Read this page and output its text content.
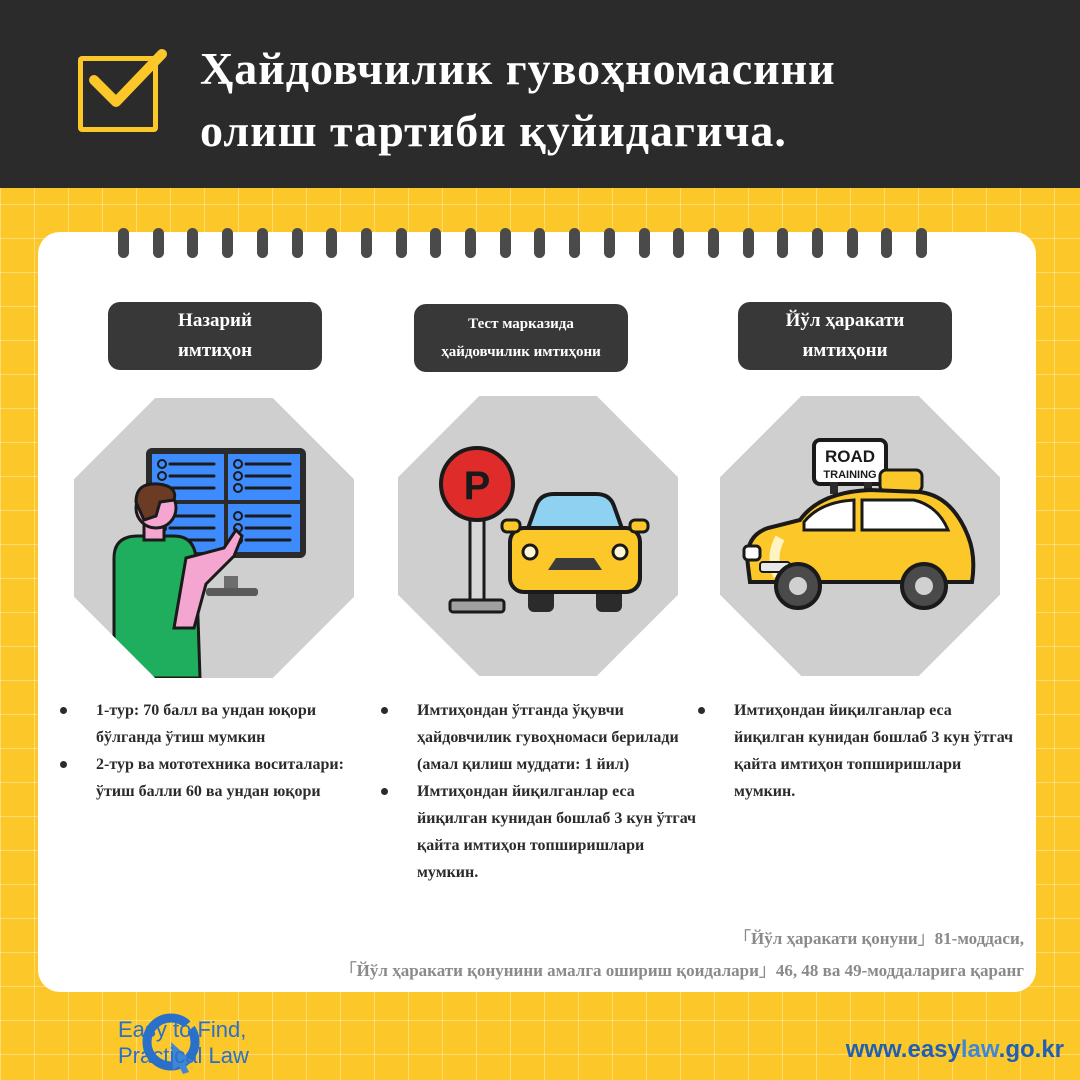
Ҳайдовчилик гувоҳномасини
олиш тартиби қуйидагича.
Назарий
имтиҳон
1-тур: 70 балл ва ундан юқори бўлганда ўтиш мумкин
2-тур ва мототехника воситалари: ўтиш балли 60 ва ундан юқори
Тест марказида
ҳайдовчилик имтиҳони
P
Имтиҳондан ўтганда ўқувчи ҳайдовчилик гувоҳномаси берилади (амал қилиш муддати: 1 йил)
Имтиҳондан йиқилганлар еса йиқилган кунидан бошлаб 3 кун ўтгач қайта имтиҳон топширишлари мумкин.
Йўл ҳаракати
имтиҳони
ROAD
TRAINING
Имтиҳондан йиқилганлар еса йиқилган кунидан бошлаб 3 кун ўтгач қайта имтиҳон топширишлари мумкин.
「Йўл ҳаракати қонуни」81-моддаси,
「Йўл ҳаракати қонунини амалга ошириш қоидалари」46, 48 ва 49-моддаларига қаранг
Easy to Find,
Practical Law	www.easylaw.go.kr
